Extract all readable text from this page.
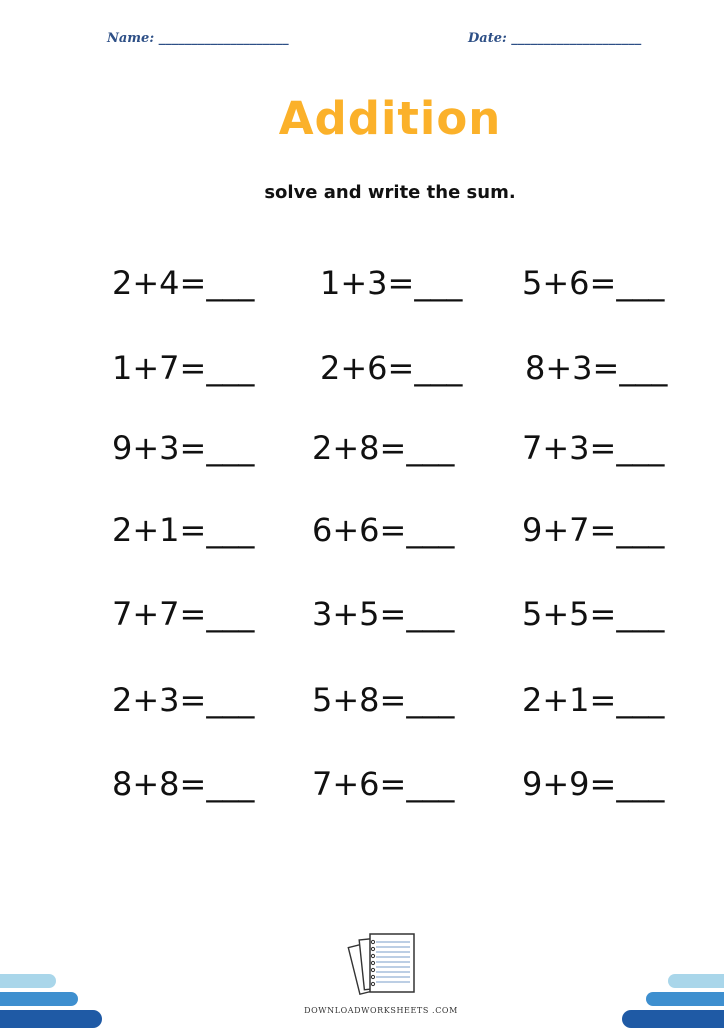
Name: ____________________	Date: ____________________
Addition
solve and write the sum.
2+4=___ 1+3=___ 5+6=___
1+7=___ 2+6=___ 8+3=___
9+3=___ 2+8=___ 7+3=___
2+1=___ 6+6=___ 9+7=___
7+7=___ 3+5=___ 5+5=___
2+3=___ 5+8=___ 2+1=___
8+8=___ 7+6=___ 9+9=___
DOWNLOADWORKSHEETS .COM
